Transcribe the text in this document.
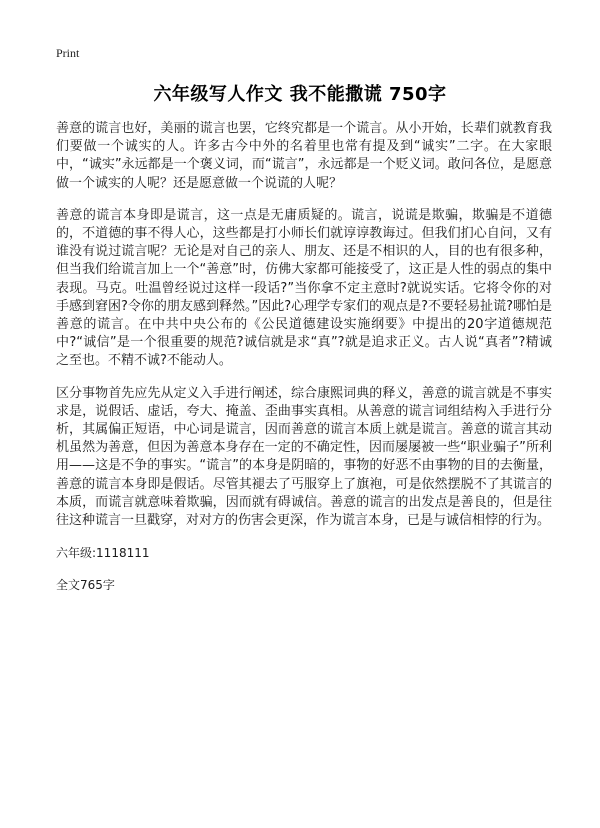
Print
六年级写人作文 我不能撒谎 750字

善意的谎言也好，美丽的谎言也罢，它终究都是一个谎言。从小开始，长辈们就教育我们要做一个诚实的人。许多古今中外的名着里也常有提及到“诚实”二字。在大家眼中，“诚实”永远都是一个褒义词，而“谎言”，永远都是一个贬义词。敢问各位，是愿意做一个诚实的人呢？还是愿意做一个说谎的人呢？

善意的谎言本身即是谎言，这一点是无庸质疑的。谎言，说谎是欺骗，欺骗是不道德的，不道德的事不得人心，这些都是打小师长们就谆谆教诲过。但我们扪心自问，又有谁没有说过谎言呢？无论是对自己的亲人、朋友、还是不相识的人，目的也有很多种，但当我们给谎言加上一个“善意”时，仿佛大家都可能接受了，这正是人性的弱点的集中表现。马克。吐温曾经说过这样一段话?”当你拿不定主意时?就说实话。它将令你的对手感到窘困?令你的朋友感到释然。”因此?心理学专家们的观点是?不要轻易扯谎?哪怕是善意的谎言。在中共中央公布的《公民道德建设实施纲要》中提出的20字道德规范中?“诚信”是一个很重要的规范?诚信就是求“真”?就是追求正义。古人说“真者”?精诚之至也。不精不诚?不能动人。

区分事物首先应先从定义入手进行阐述，综合康熙词典的释义，善意的谎言就是不事实求是，说假话、虚话，夸大、掩盖、歪曲事实真相。从善意的谎言词组结构入手进行分析，其属偏正短语，中心词是谎言，因而善意的谎言本质上就是谎言。善意的谎言其动机虽然为善意，但因为善意本身存在一定的不确定性，因而屡屡被一些“职业骗子”所利用——这是不争的事实。“谎言”的本身是阴暗的，事物的好恶不由事物的目的去衡量，善意的谎言本身即是假话。尽管其褪去了丐服穿上了旗袍，可是依然摆脱不了其谎言的本质，而谎言就意味着欺骗，因而就有碍诚信。善意的谎言的出发点是善良的，但是往往这种谎言一旦戳穿，对对方的伤害会更深，作为谎言本身，已是与诚信相悖的行为。

六年级:1118111
全文765字
